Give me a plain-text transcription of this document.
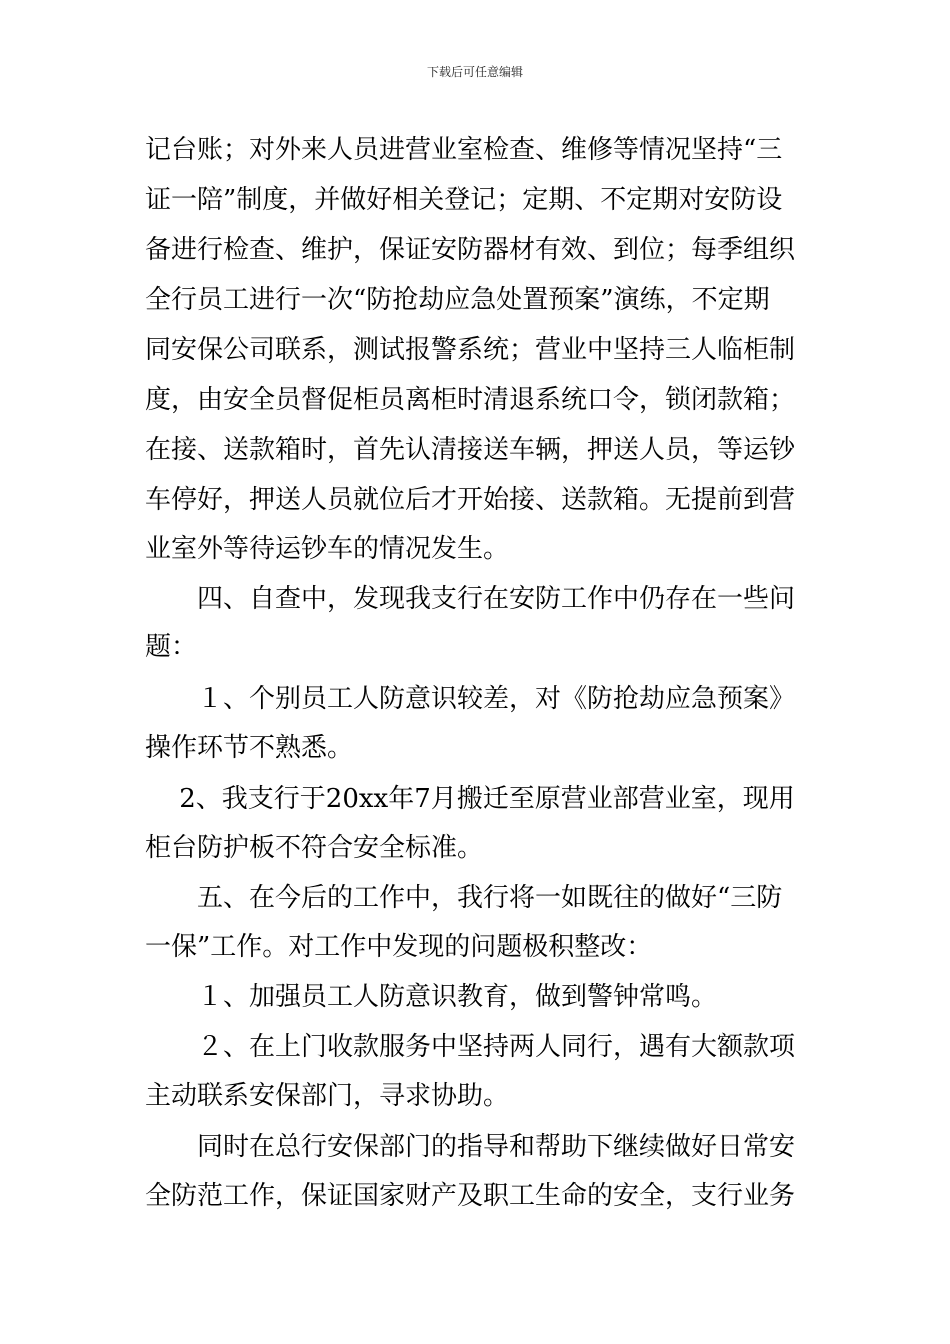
下载后可任意编辑
记台账；对外来人员进营业室检查、维修等情况坚持“三
证一陪”制度，并做好相关登记；定期、不定期对安防设
备进行检查、维护，保证安防器材有效、到位；每季组织
全行员工进行一次“防抢劫应急处置预案”演练，不定期
同安保公司联系，测试报警系统；营业中坚持三人临柜制
度，由安全员督促柜员离柜时清退系统口令，锁闭款箱；
在接、送款箱时，首先认清接送车辆，押送人员，等运钞
车停好，押送人员就位后才开始接、送款箱。无提前到营
业室外等待运钞车的情况发生。
　　四、自查中，发现我支行在安防工作中仍存在一些问
题：
　　１、个别员工人防意识较差，对《防抢劫应急预案》
操作环节不熟悉。
　 2、我支行于20xx年7月搬迁至原营业部营业室，现用
柜台防护板不符合安全标准。
　　五、在今后的工作中，我行将一如既往的做好“三防
一保”工作。对工作中发现的问题极积整改：
　　１、加强员工人防意识教育，做到警钟常鸣。
　　２、在上门收款服务中坚持两人同行，遇有大额款项
主动联系安保部门，寻求协助。
　　同时在总行安保部门的指导和帮助下继续做好日常安
全防范工作，保证国家财产及职工生命的安全，支行业务
